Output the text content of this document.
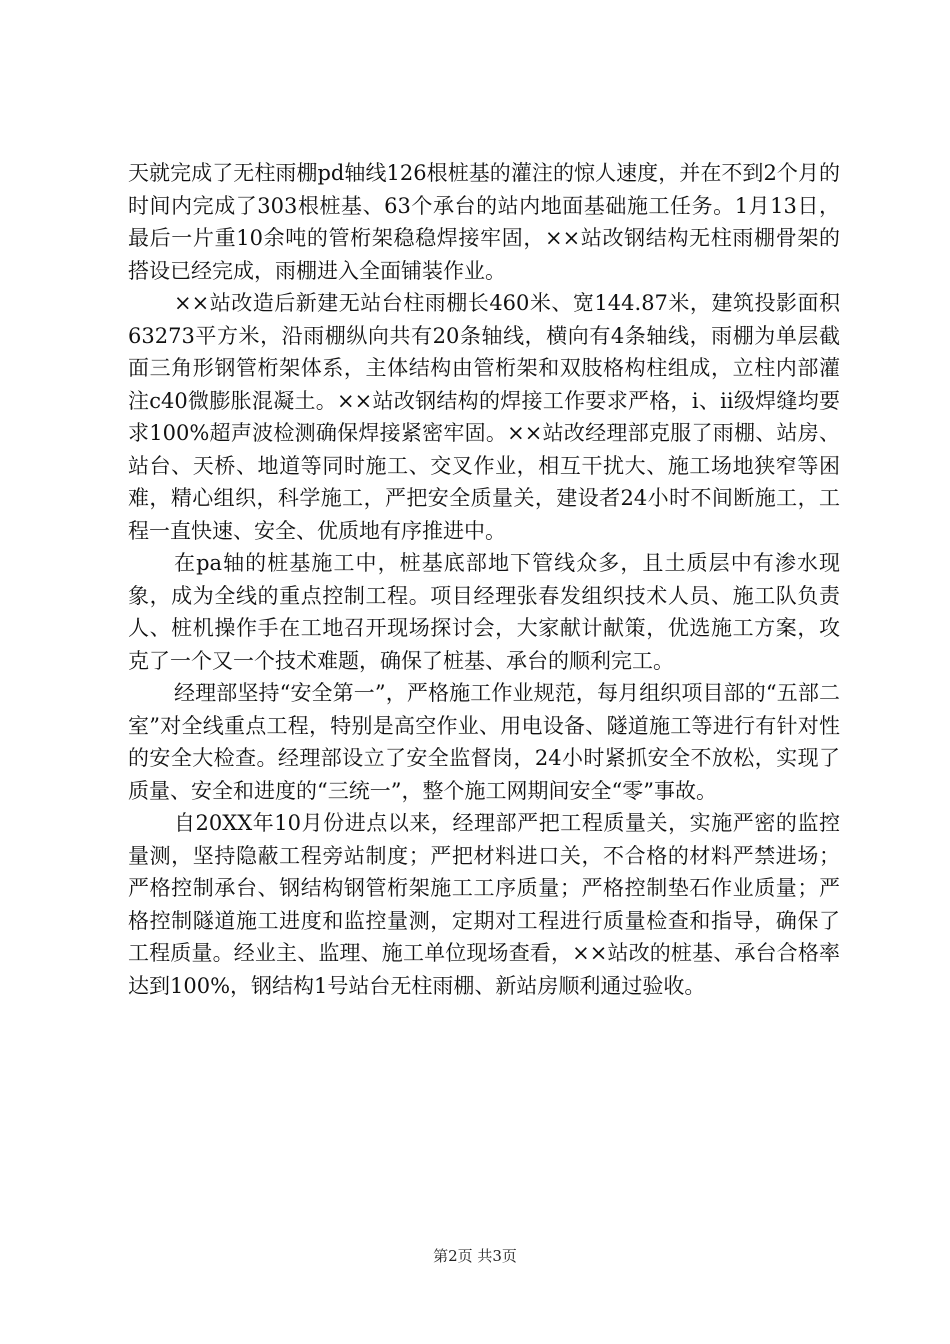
天就完成了无柱雨棚pd轴线126根桩基的灌注的惊人速度，并在不到2个月的时间内完成了303根桩基、63个承台的站内地面基础施工任务。1月13日，最后一片重10余吨的管桁架稳稳焊接牢固，××站改钢结构无柱雨棚骨架的搭设已经完成，雨棚进入全面铺装作业。

××站改造后新建无站台柱雨棚长460米、宽144.87米，建筑投影面积63273平方米，沿雨棚纵向共有20条轴线，横向有4条轴线，雨棚为单层截面三角形钢管桁架体系，主体结构由管桁架和双肢格构柱组成，立柱内部灌注c40微膨胀混凝土。××站改钢结构的焊接工作要求严格，ⅰ、ⅱ级焊缝均要求100%超声波检测确保焊接紧密牢固。××站改经理部克服了雨棚、站房、站台、天桥、地道等同时施工、交叉作业，相互干扰大、施工场地狭窄等困难，精心组织，科学施工，严把安全质量关，建设者24小时不间断施工，工程一直快速、安全、优质地有序推进中。

在pa轴的桩基施工中，桩基底部地下管线众多，且土质层中有渗水现象，成为全线的重点控制工程。项目经理张春发组织技术人员、施工队负责人、桩机操作手在工地召开现场探讨会，大家献计献策，优选施工方案，攻克了一个又一个技术难题，确保了桩基、承台的顺利完工。

经理部坚持“安全第一”，严格施工作业规范，每月组织项目部的“五部二室”对全线重点工程，特别是高空作业、用电设备、隧道施工等进行有针对性的安全大检查。经理部设立了安全监督岗，24小时紧抓安全不放松，实现了质量、安全和进度的“三统一”，整个施工网期间安全“零”事故。

自20XX年10月份进点以来，经理部严把工程质量关，实施严密的监控量测，坚持隐蔽工程旁站制度；严把材料进口关，不合格的材料严禁进场；严格控制承台、钢结构钢管桁架施工工序质量；严格控制垫石作业质量；严格控制隧道施工进度和监控量测，定期对工程进行质量检查和指导，确保了工程质量。经业主、监理、施工单位现场查看，××站改的桩基、承台合格率达到100%，钢结构1号站台无柱雨棚、新站房顺利通过验收。

第2页 共3页
